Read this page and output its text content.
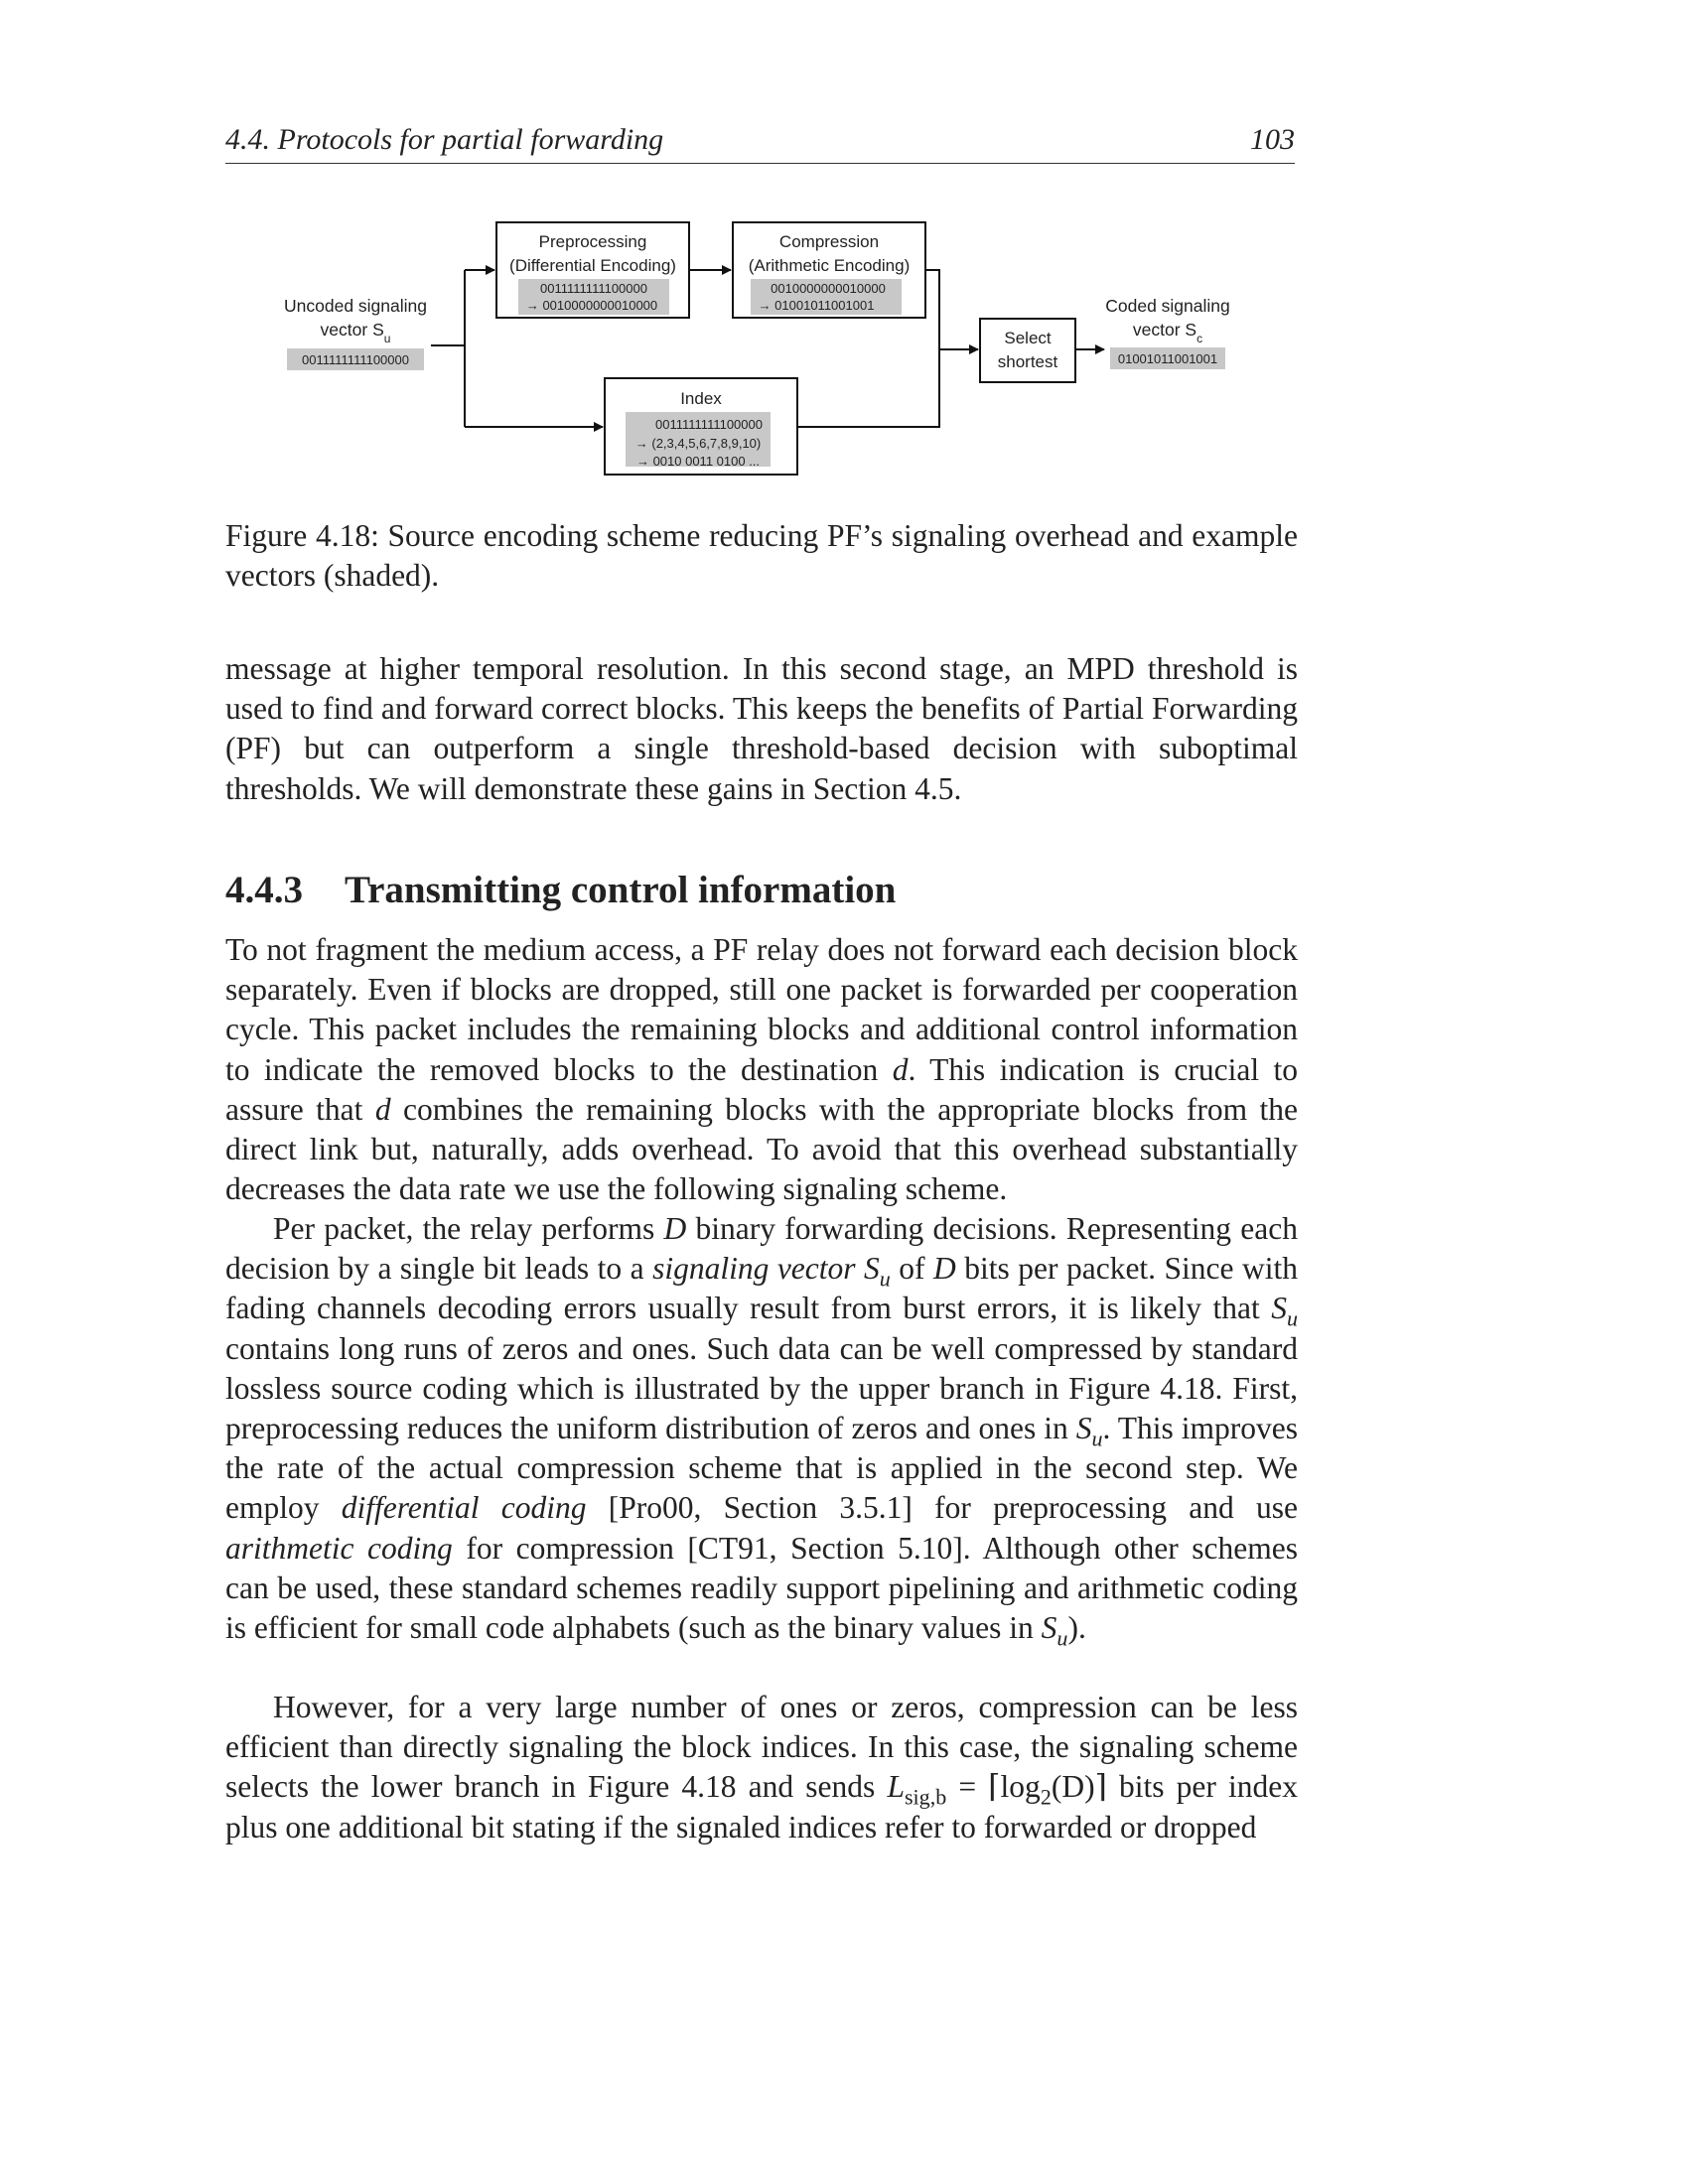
4.4. Protocols for partial forwarding	103
Uncoded signaling
vector $S_u$
0011111111100000
Preprocessing
(Differential Encoding)
0011111111100000
→ 0010000000010000
Compression
(Arithmetic Encoding)
0010000000010000
→ 01001011001001
Index
0011111111100000
→ (2,3,4,5,6,7,8,9,10)
→ 0010 0011 0100 ...
Select
shortest
Coded signaling
vector $S_c$
01001011001001
Figure 4.18: Source encoding scheme reducing PF’s signaling overhead and example vectors (shaded).

message at higher temporal resolution. In this second stage, an MPD threshold is used to find and forward correct blocks. This keeps the benefits of Partial Forwarding (PF) but can outperform a single threshold-based decision with suboptimal thresholds. We will demonstrate these gains in Section 4.5.

4.4.3 Transmitting control information

To not fragment the medium access, a PF relay does not forward each decision block separately. Even if blocks are dropped, still one packet is forwarded per cooperation cycle. This packet includes the remaining blocks and additional control information to indicate the removed blocks to the destination d. This indication is crucial to assure that d combines the remaining blocks with the appropriate blocks from the direct link but, naturally, adds overhead. To avoid that this overhead substantially decreases the data rate we use the following signaling scheme.

Per packet, the relay performs D binary forwarding decisions. Representing each decision by a single bit leads to a signaling vector $S_u$ of D bits per packet. Since with fading channels decoding errors usually result from burst errors, it is likely that $S_u$ contains long runs of zeros and ones. Such data can be well compressed by standard lossless source coding which is illustrated by the upper branch in Figure 4.18. First, preprocessing reduces the uniform distribution of zeros and ones in $S_u$. This improves the rate of the actual compression scheme that is applied in the second step. We employ differential coding [Pro00, Section 3.5.1] for preprocessing and use arithmetic coding for compression [CT91, Section 5.10]. Although other schemes can be used, these standard schemes readily support pipelining and arithmetic coding is efficient for small code alphabets (such as the binary values in $S_u$).

However, for a very large number of ones or zeros, compression can be less efficient than directly signaling the block indices. In this case, the signaling scheme selects the lower branch in Figure 4.18 and sends $L_{sig,b}$ = $⌈\log_2(D)⌉$ bits per index plus one additional bit stating if the signaled indices refer to forwarded or dropped
